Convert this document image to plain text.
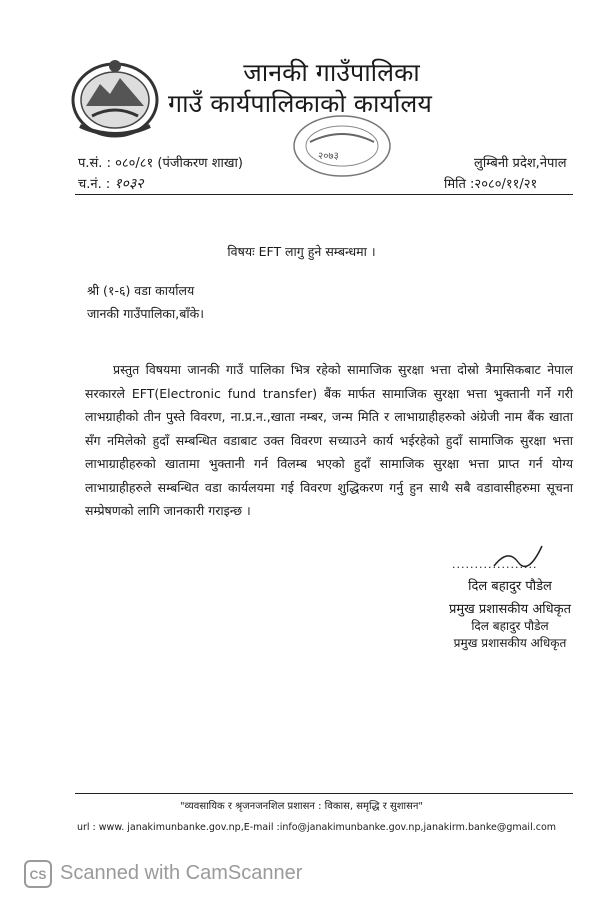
जानकी गाउँपालिका
गाउँ कार्यपालिकाको कार्यालय
२०७३
प.सं. : ०८०/८१ (पंजीकरण शाखा)
च.नं. : १०३२
लुम्बिनी प्रदेश,नेपाल
मिति :२०८०/११/२१
विषयः EFT लागु हुने सम्बन्धमा ।
श्री (१-६) वडा कार्यालय
जानकी गाउँपालिका,बाँके।
प्रस्तुत विषयमा जानकी गाउँ पालिका भित्र रहेको सामाजिक सुरक्षा भत्ता दोस्रो त्रैमासिकबाट नेपाल सरकारले EFT(Electronic fund transfer) बैंक मार्फत सामाजिक सुरक्षा भत्ता भुक्तानी गर्ने गरी लाभग्राहीको तीन पुस्ते विवरण, ना.प्र.न.,खाता नम्बर, जन्म मिति र लाभाग्राहीहरुको अंग्रेजी नाम बैंक खाता सँग नमिलेको हुदाँ सम्बन्धित वडाबाट उक्त विवरण सच्याउने कार्य भईरहेको हुदाँ सामाजिक सुरक्षा भत्ता लाभाग्राहीहरुको खातामा भुक्तानी गर्न विलम्ब भएको हुदाँ सामाजिक सुरक्षा भत्ता प्राप्त गर्न योग्य लाभाग्राहीहरुले सम्बन्धित वडा कार्यलयमा गई विवरण शुद्धिकरण गर्नु हुन साथै सबै वडावासीहरुमा सूचना सम्प्रेषणको लागि जानकारी गराइन्छ ।
...................
दिल बहादुर पौडेल
प्रमुख प्रशासकीय अधिकृत
दिल बहादुर पौडेल
प्रमुख प्रशासकीय अधिकृत
"व्यवसायिक र श्रृजनजनशिल प्रशासन : विकास, समृद्धि र सुशासन"
url : www. janakimunbanke.gov.np,E-mail :info@janakimunbanke.gov.np,janakirm.banke@gmail.com
CS Scanned with CamScanner
